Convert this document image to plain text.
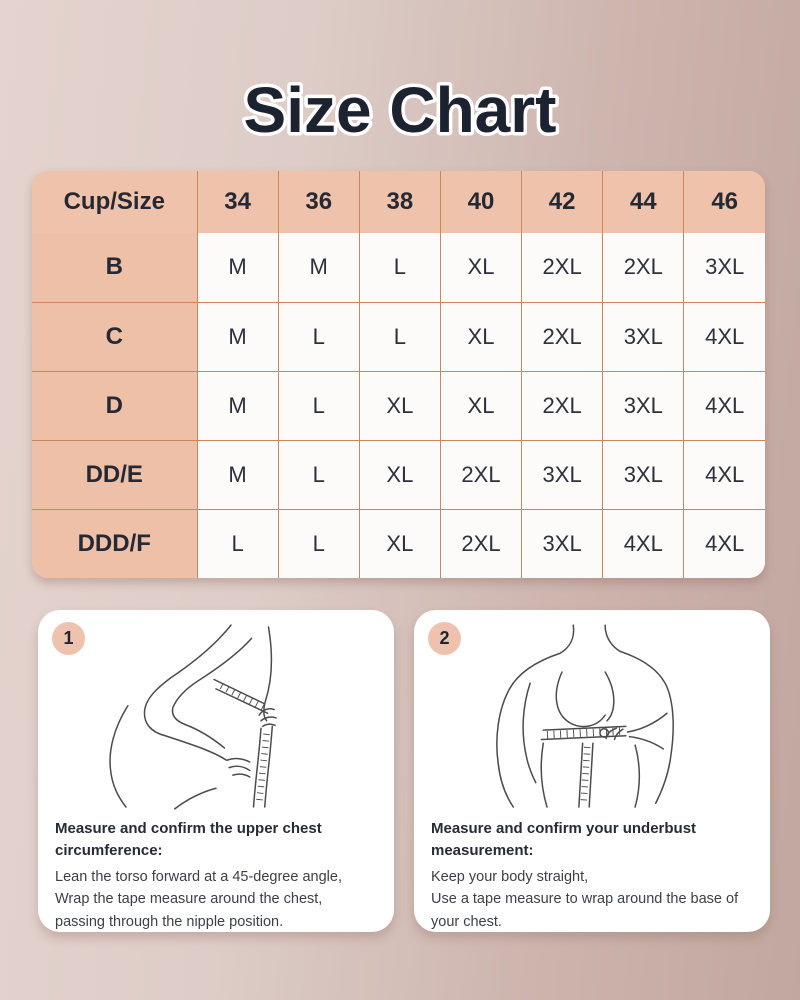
Size Chart
Cup/Size	34	36	38	40	42	44	46
B	M	M	L	XL	2XL	2XL	3XL
C	M	L	L	XL	2XL	3XL	4XL
D	M	L	XL	XL	2XL	3XL	4XL
DD/E	M	L	XL	2XL	3XL	3XL	4XL
DDD/F	L	L	XL	2XL	3XL	4XL	4XL
1
Measure and confirm the upper chest circumference:
Lean the torso forward at a 45-degree angle,
Wrap the tape measure around the chest,
passing through the nipple position.
2
Measure and confirm your underbust measurement:
Keep your body straight,
Use a tape measure to wrap around the base of your chest.
